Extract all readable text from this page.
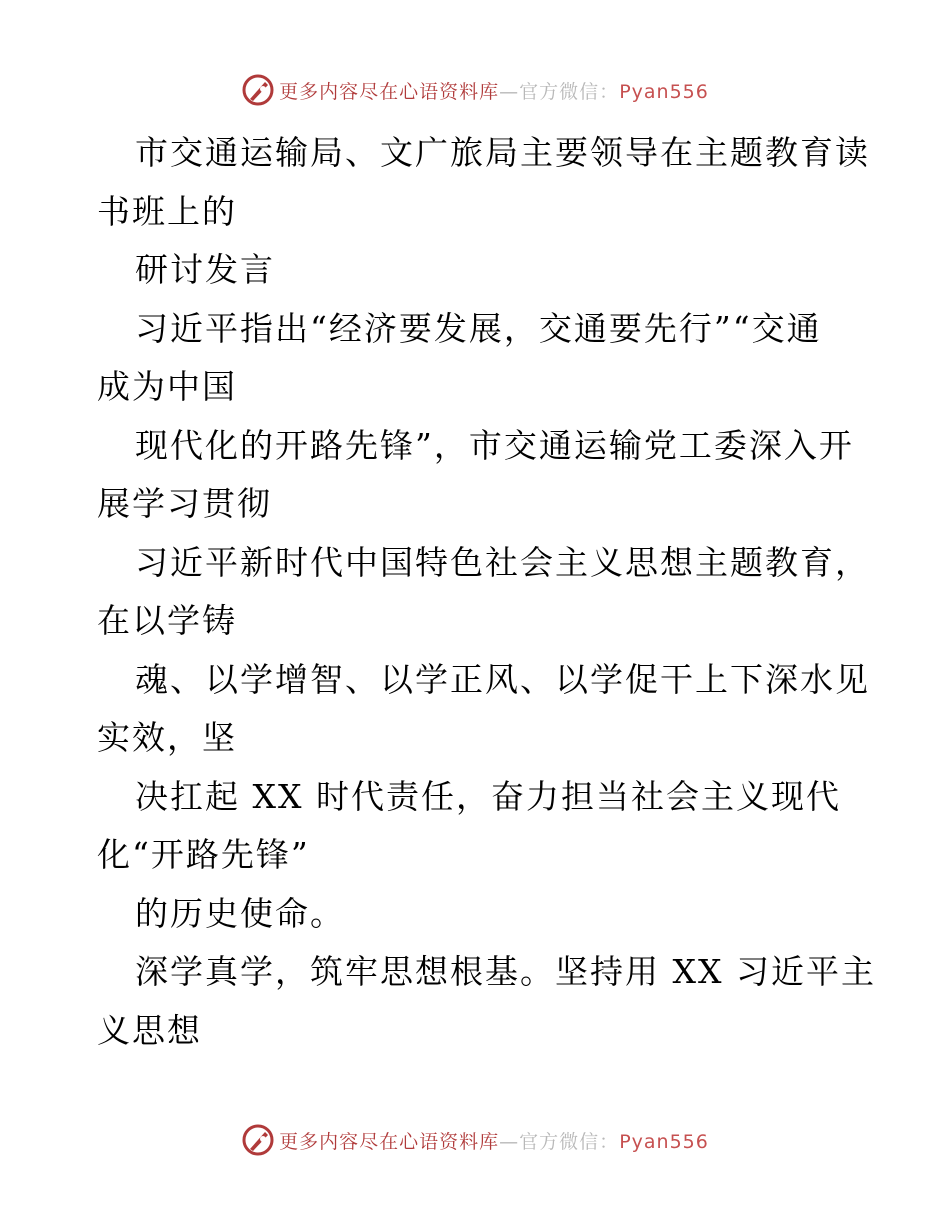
更多内容尽在心语资料库—官方微信：Pyan556
市交通运输局、文广旅局主要领导在主题教育读
书班上的
研讨发言
习近平指出“经济要发展，交通要先行”“交通
成为中国
现代化的开路先锋”，市交通运输党工委深入开
展学习贯彻
习近平新时代中国特色社会主义思想主题教育，
在以学铸
魂、以学增智、以学正风、以学促干上下深水见
实效，坚
决扛起 XX 时代责任，奋力担当社会主义现代
化“开路先锋”
的历史使命。
深学真学，筑牢思想根基。坚持用 XX 习近平主
义思想
更多内容尽在心语资料库—官方微信：Pyan556
